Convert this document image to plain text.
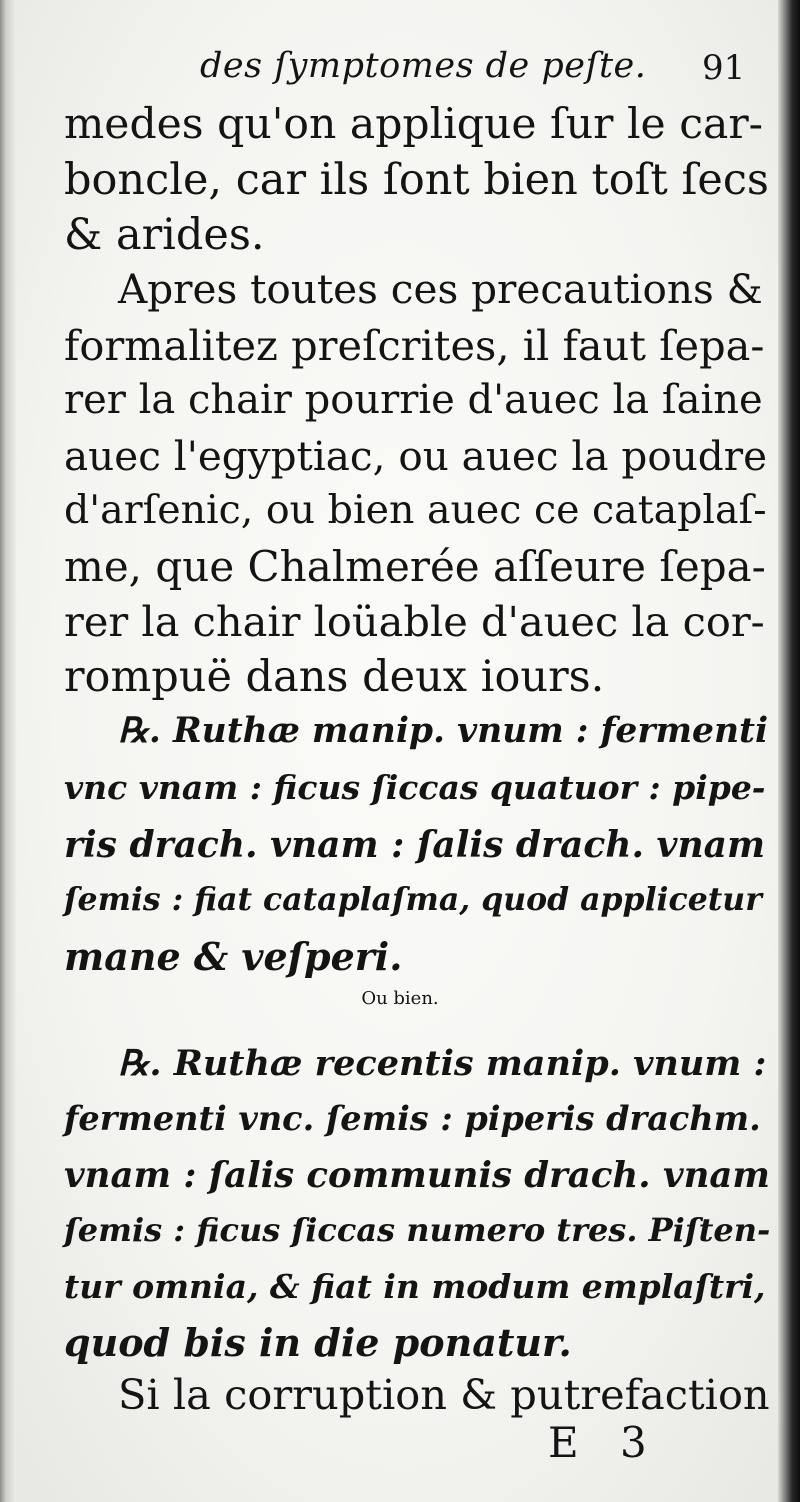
des ſymptomes de peſte. 91
medes qu'on applique ſur le car-
boncle, car ils ſont bien toſt ſecs
& arides.
Apres toutes ces precautions &
formalitez preſcrites, il faut ſepa-
rer la chair pourrie d'auec la ſaine
auec l'egyptiac, ou auec la poudre
d'arſenic, ou bien auec ce cataplaſ-
me, que Chalmerée aſſeure ſepa-
rer la chair loüable d'auec la cor-
rompuë dans deux iours.
℞. Ruthæ manip. vnum : fermenti
vnc vnam : ficus ſiccas quatuor : pipe-
ris drach. vnam : ſalis drach. vnam
ſemis : fiat cataplaſma, quod applicetur
mane & veſperi.
Ou bien.
℞. Ruthæ recentis manip. vnum :
fermenti vnc. ſemis : piperis drachm.
vnam : ſalis communis drach. vnam
ſemis : ficus ſiccas numero tres. Piſten-
tur omnia, & fiat in modum emplaſtri,
quod bis in die ponatur.
Si la corruption & putrefaction
E 3
